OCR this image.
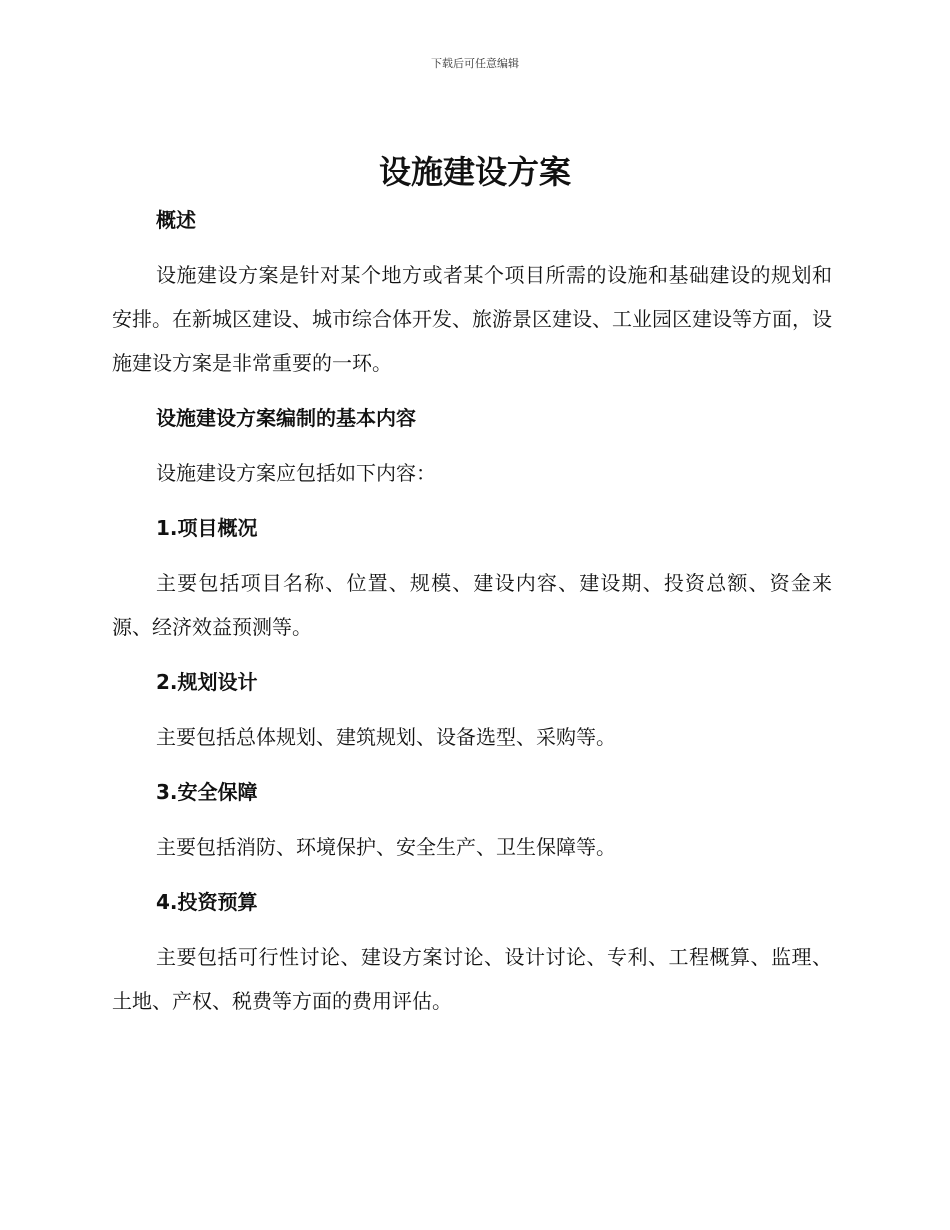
下载后可任意编辑
设施建设方案

概述

设施建设方案是针对某个地方或者某个项目所需的设施和基础建设的规划和安排。在新城区建设、城市综合体开发、旅游景区建设、工业园区建设等方面，设施建设方案是非常重要的一环。

设施建设方案编制的基本内容

设施建设方案应包括如下内容：

1.项目概况

主要包括项目名称、位置、规模、建设内容、建设期、投资总额、资金来源、经济效益预测等。

2.规划设计

主要包括总体规划、建筑规划、设备选型、采购等。

3.安全保障

主要包括消防、环境保护、安全生产、卫生保障等。

4.投资预算

主要包括可行性讨论、建设方案讨论、设计讨论、专利、工程概算、监理、土地、产权、税费等方面的费用评估。
